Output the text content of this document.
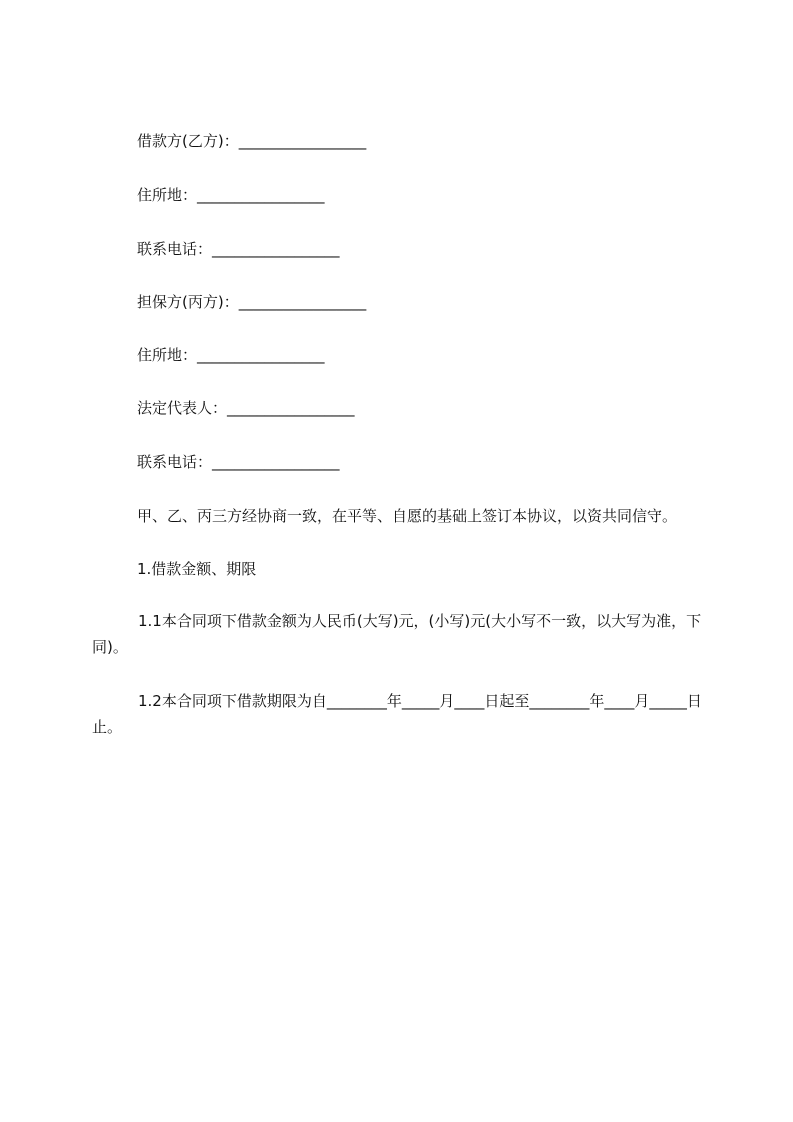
借款方(乙方)：_________________
住所地：_________________
联系电话：_________________
担保方(丙方)：_________________
住所地：_________________
法定代表人：_________________
联系电话：_________________
甲、乙、丙三方经协商一致，在平等、自愿的基础上签订本协议，以资共同信守。
1.借款金额、期限
1.1本合同项下借款金额为人民币(大写)元，(小写)元(大小写不一致，以大写为准，下同)。
1.2本合同项下借款期限为自________年_____月____日起至________年____月_____日止。
